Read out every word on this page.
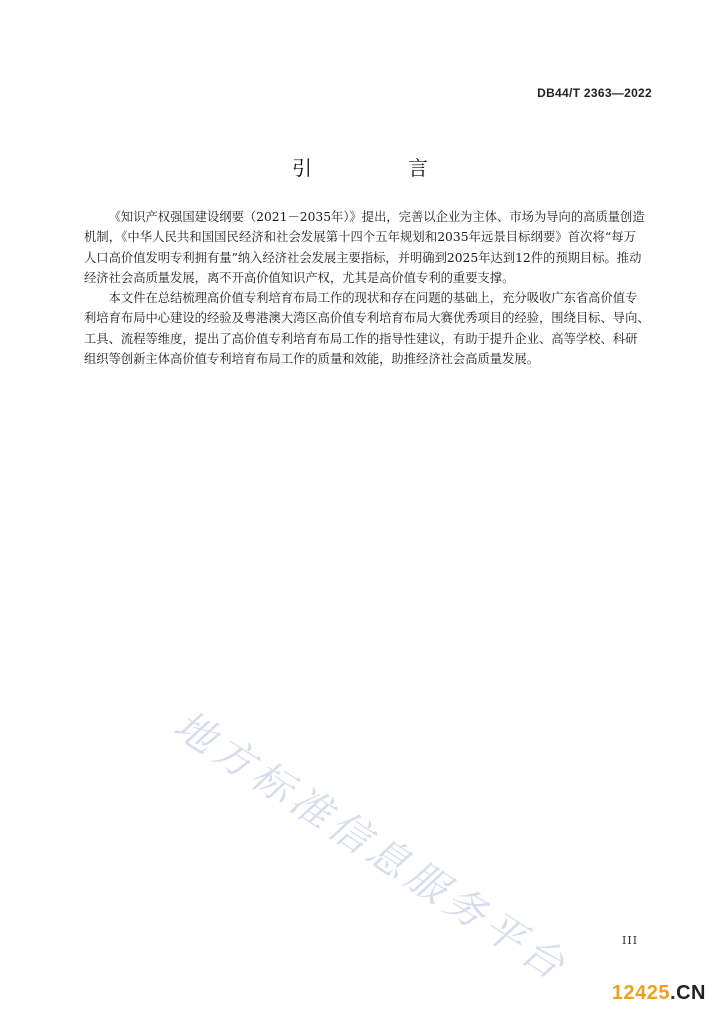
DB44/T 2363—2022
引　言

《知识产权强国建设纲要（2021－2035年）》提出，完善以企业为主体、市场为导向的高质量创造
机制，《中华人民共和国国民经济和社会发展第十四个五年规划和2035年远景目标纲要》首次将“每万
人口高价值发明专利拥有量”纳入经济社会发展主要指标，并明确到2025年达到12件的预期目标。推动
经济社会高质量发展，离不开高价值知识产权，尤其是高价值专利的重要支撑。

本文件在总结梳理高价值专利培育布局工作的现状和存在问题的基础上，充分吸收广东省高价值专
利培育布局中心建设的经验及粤港澳大湾区高价值专利培育布局大赛优秀项目的经验，围绕目标、导向、
工具、流程等维度，提出了高价值专利培育布局工作的指导性建议，有助于提升企业、高等学校、科研
组织等创新主体高价值专利培育布局工作的质量和效能，助推经济社会高质量发展。

地方标准信息服务平台	III
12425.CN
